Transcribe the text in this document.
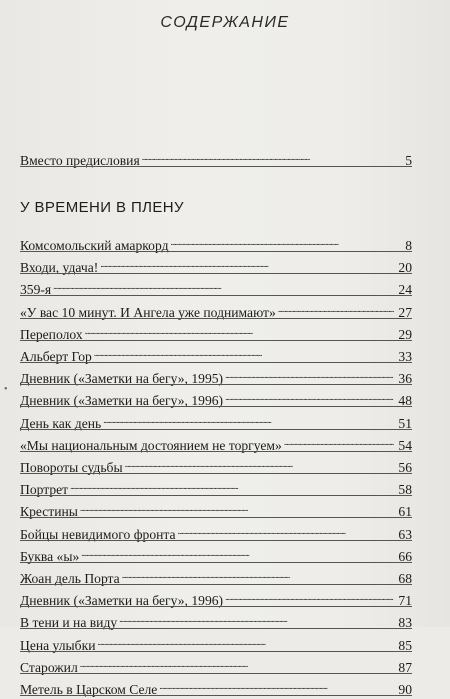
СОДЕРЖАНИЕ
Вместо предисловия . . .	5
У ВРЕМЕНИ В ПЛЕНУ
Комсомольский амаркорд . . .	8
Входи, удача! . . .	20
359-я . . .	24
«У вас 10 минут. И Ангела уже поднимают» . . .	27
Переполох . . .	29
Альберт Гор . . .	33
Дневник («Заметки на бегу», 1995) . . .	36
Дневник («Заметки на бегу», 1996) . . .	48
День как день . . .	51
«Мы национальным достоянием не торгуем» . . .	54
Повороты судьбы . . .	56
Портрет . . .	58
Крестины . . .	61
Бойцы невидимого фронта . . .	63
Буква «ы» . . .	66
Жоан дель Порта . . .	68
Дневник («Заметки на бегу», 1996) . . .	71
В тени и на виду . . .	83
Цена улыбки . . .	85
Старожил . . .	87
Метель в Царском Селе . . .	90
•
